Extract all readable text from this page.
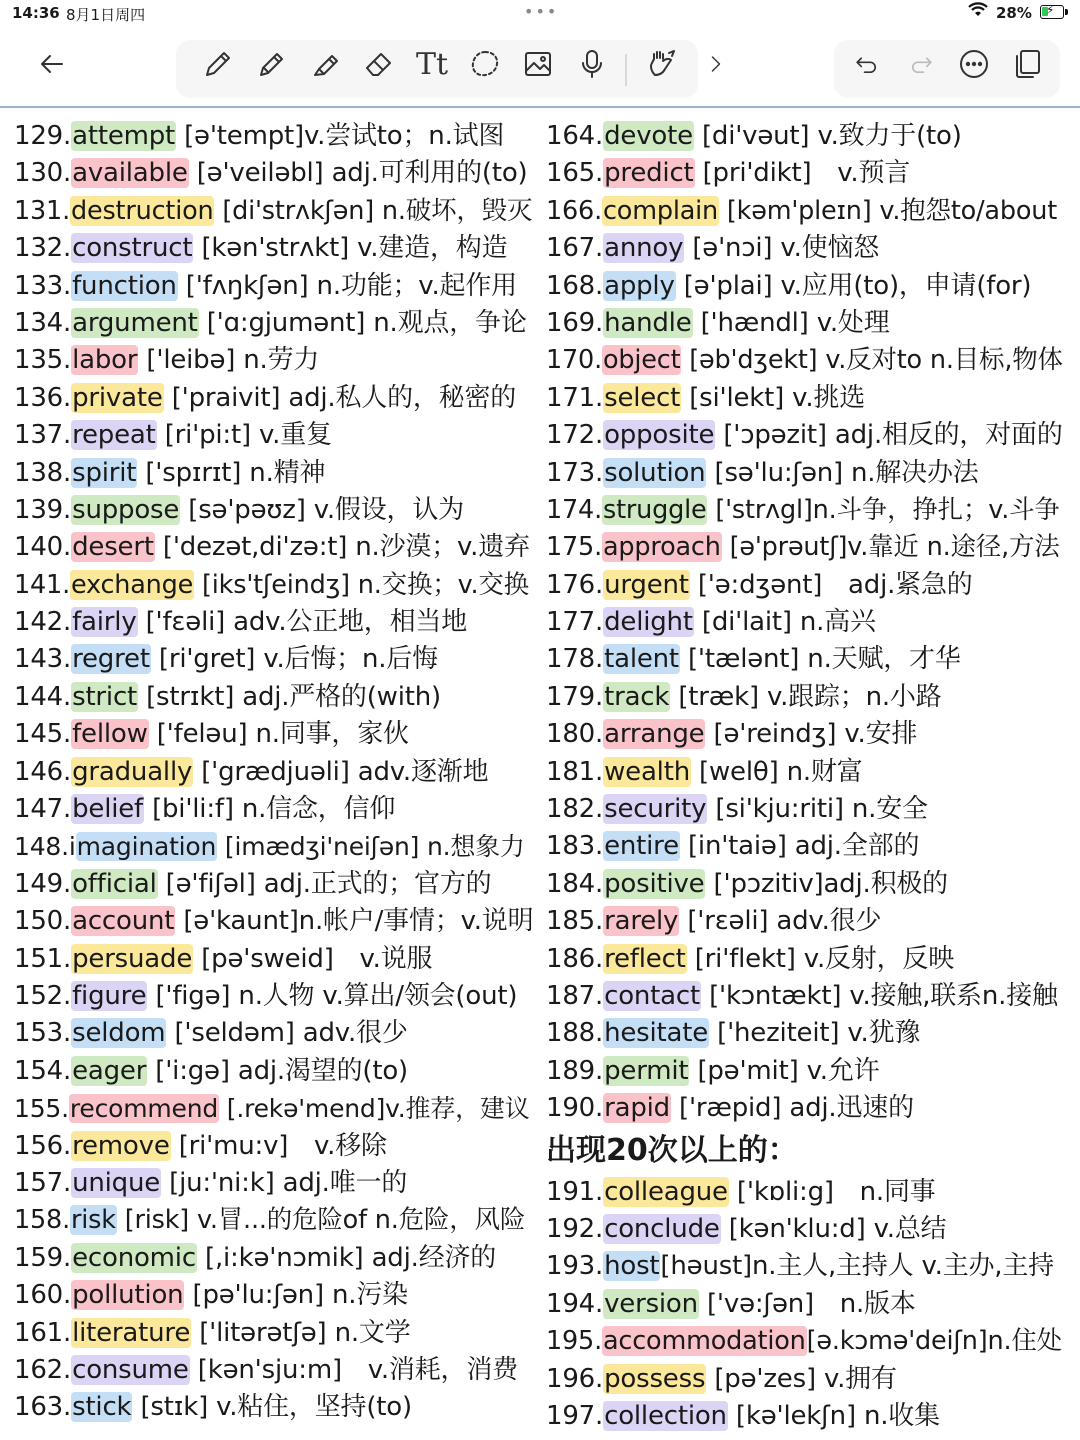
14:36 8月1日周四	•••	28% ⚡
Tt
129.attempt [ə'tempt]v.尝试to；n.试图
130.available [ə'veiləbl] adj.可利用的(to)
131.destruction [di'strʌkʃən] n.破坏，毁灭
132.construct [kən'strʌkt] v.建造，构造
133.function ['fʌŋkʃən] n.功能；v.起作用
134.argument ['ɑ:gjumənt] n.观点，争论
135.labor ['leibə] n.劳力
136.private ['praivit] adj.私人的，秘密的
137.repeat [ri'pi:t] v.重复
138.spirit ['spɪrɪt] n.精神
139.suppose [sə'pəʊz] v.假设，认为
140.desert ['dezət,di'zə:t] n.沙漠；v.遗弃
141.exchange [iks'tʃeindʒ] n.交换；v.交换
142.fairly ['fɛəli] adv.公正地，相当地
143.regret [ri'gret] v.后悔；n.后悔
144.strict [strɪkt] adj.严格的(with)
145.fellow ['feləu] n.同事，家伙
146.gradually ['grædjuəli] adv.逐渐地
147.belief [bi'li:f] n.信念，信仰
148.imagination [imædʒi'neiʃən] n.想象力
149.official [ə'fiʃəl] adj.正式的；官方的
150.account [ə'kaunt]n.帐户/事情；v.说明
151.persuade [pə'sweid]　v.说服
152.figure ['figə] n.人物 v.算出/领会(out)
153.seldom ['seldəm] adv.很少
154.eager ['i:gə] adj.渴望的(to)
155.recommend [.rekə'mend]v.推荐，建议
156.remove [ri'mu:v]　v.移除
157.unique [ju:'ni:k] adj.唯一的
158.risk [risk] v.冒...的危险of n.危险，风险
159.economic [,i:kə'nɔmik] adj.经济的
160.pollution [pə'lu:ʃən] n.污染
161.literature ['litərətʃə] n.文学
162.consume [kən'sju:m]　v.消耗，消费
163.stick [stɪk] v.粘住，坚持(to)
164.devote [di'vəut] v.致力于(to)
165.predict [pri'dikt]　v.预言
166.complain [kəm'pleɪn] v.抱怨to/about
167.annoy [ə'nɔi] v.使恼怒
168.apply [ə'plai] v.应用(to)，申请(for)
169.handle ['hændl] v.处理
170.object [əb'dʒekt] v.反对to n.目标,物体
171.select [si'lekt] v.挑选
172.opposite ['ɔpəzit] adj.相反的，对面的
173.solution [sə'lu:ʃən] n.解决办法
174.struggle ['strʌgl]n.斗争，挣扎；v.斗争
175.approach [ə'prəutʃ]v.靠近 n.途径,方法
176.urgent ['ə:dʒənt]　adj.紧急的
177.delight [di'lait] n.高兴
178.talent ['tælənt] n.天赋，才华
179.track [træk] v.跟踪；n.小路
180.arrange [ə'reindʒ] v.安排
181.wealth [welθ] n.财富
182.security [si'kju:riti] n.安全
183.entire [in'taiə] adj.全部的
184.positive ['pɔzitiv]adj.积极的
185.rarely ['rɛəli] adv.很少
186.reflect [ri'flekt] v.反射，反映
187.contact ['kɔntækt] v.接触,联系n.接触
188.hesitate ['heziteit] v.犹豫
189.permit [pə'mit] v.允许
190.rapid ['ræpid] adj.迅速的
出现20次以上的：
191.colleague ['kɒli:g]　n.同事
192.conclude [kən'klu:d] v.总结
193.host[həust]n.主人,主持人 v.主办,主持
194.version ['və:ʃən]　n.版本
195.accommodation[ə.kɔmə'deiʃn]n.住处
196.possess [pə'zes] v.拥有
197.collection [kə'lekʃn] n.收集
